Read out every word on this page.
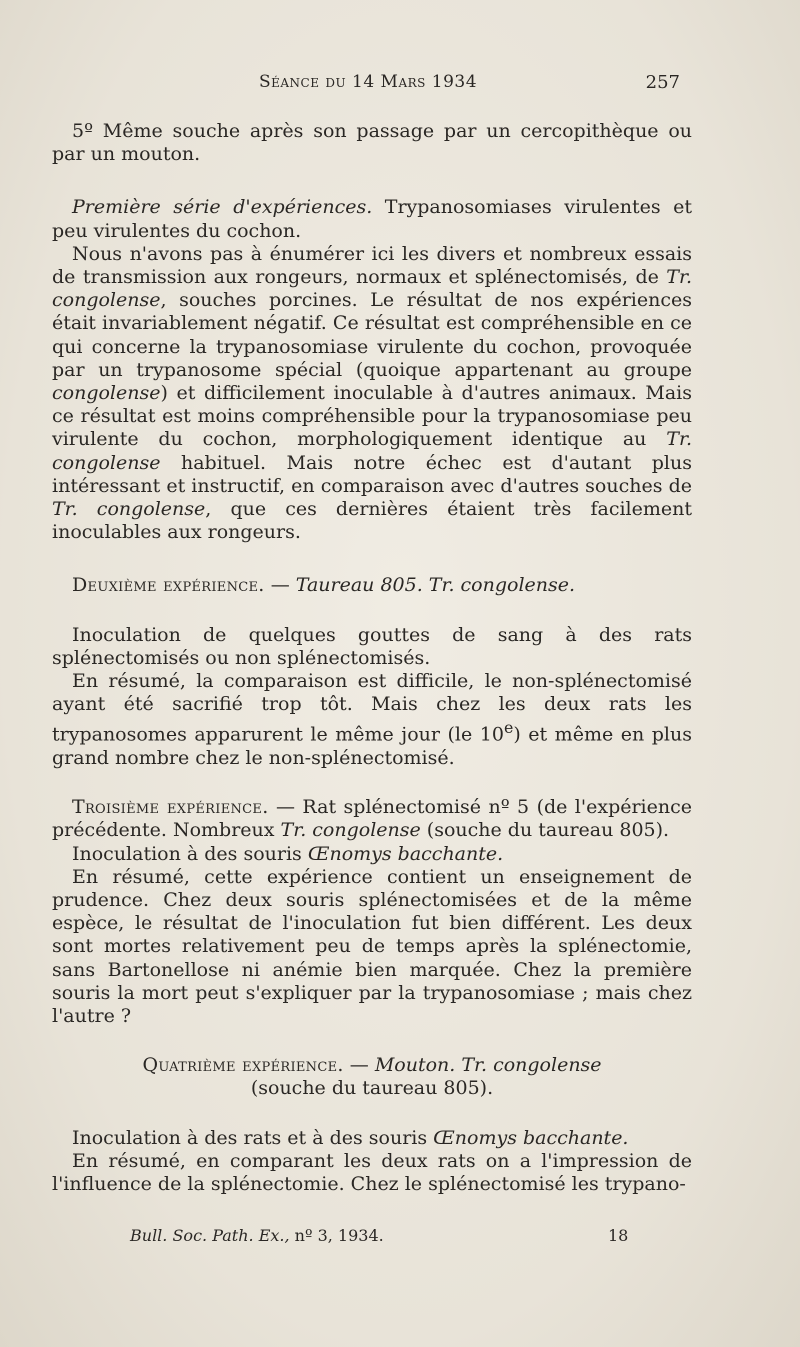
Séance du 14 Mars 1934	257

5º Même souche après son passage par un cercopithèque ou par un mouton.

Première série d'expériences. Trypanosomiases virulentes et peu virulentes du cochon.

Nous n'avons pas à énumérer ici les divers et nombreux essais de transmission aux rongeurs, normaux et splénectomisés, de Tr. congolense, souches porcines. Le résultat de nos expériences était invariablement négatif. Ce résultat est compréhensible en ce qui concerne la trypanosomiase virulente du cochon, provoquée par un trypanosome spécial (quoique appartenant au groupe congolense) et difficilement inoculable à d'autres animaux. Mais ce résultat est moins compréhensible pour la trypanosomiase peu virulente du cochon, morphologiquement identique au Tr. congolense habituel. Mais notre échec est d'autant plus intéressant et instructif, en comparaison avec d'autres souches de Tr. congolense, que ces dernières étaient très facilement inoculables aux rongeurs.

Deuxième expérience. — Taureau 805. Tr. congolense.

Inoculation de quelques gouttes de sang à des rats splénectomisés ou non splénectomisés.

En résumé, la comparaison est difficile, le non-splénectomisé ayant été sacrifié trop tôt. Mais chez les deux rats les trypanosomes apparurent le même jour (le 10e) et même en plus grand nombre chez le non-splénectomisé.

Troisième expérience. — Rat splénectomisé nº 5 (de l'expérience précédente. Nombreux Tr. congolense (souche du taureau 805).

Inoculation à des souris Œnomys bacchante.

En résumé, cette expérience contient un enseignement de prudence. Chez deux souris splénectomisées et de la même espèce, le résultat de l'inoculation fut bien différent. Les deux sont mortes relativement peu de temps après la splénectomie, sans Bartonellose ni anémie bien marquée. Chez la première souris la mort peut s'expliquer par la trypanosomiase ; mais chez l'autre ?

Quatrième expérience. — Mouton. Tr. congolense
(souche du taureau 805).

Inoculation à des rats et à des souris Œnomys bacchante.

En résumé, en comparant les deux rats on a l'impression de l'influence de la splénectomie. Chez le splénectomisé les trypano-

Bull. Soc. Path. Ex., nº 3, 1934.	18
